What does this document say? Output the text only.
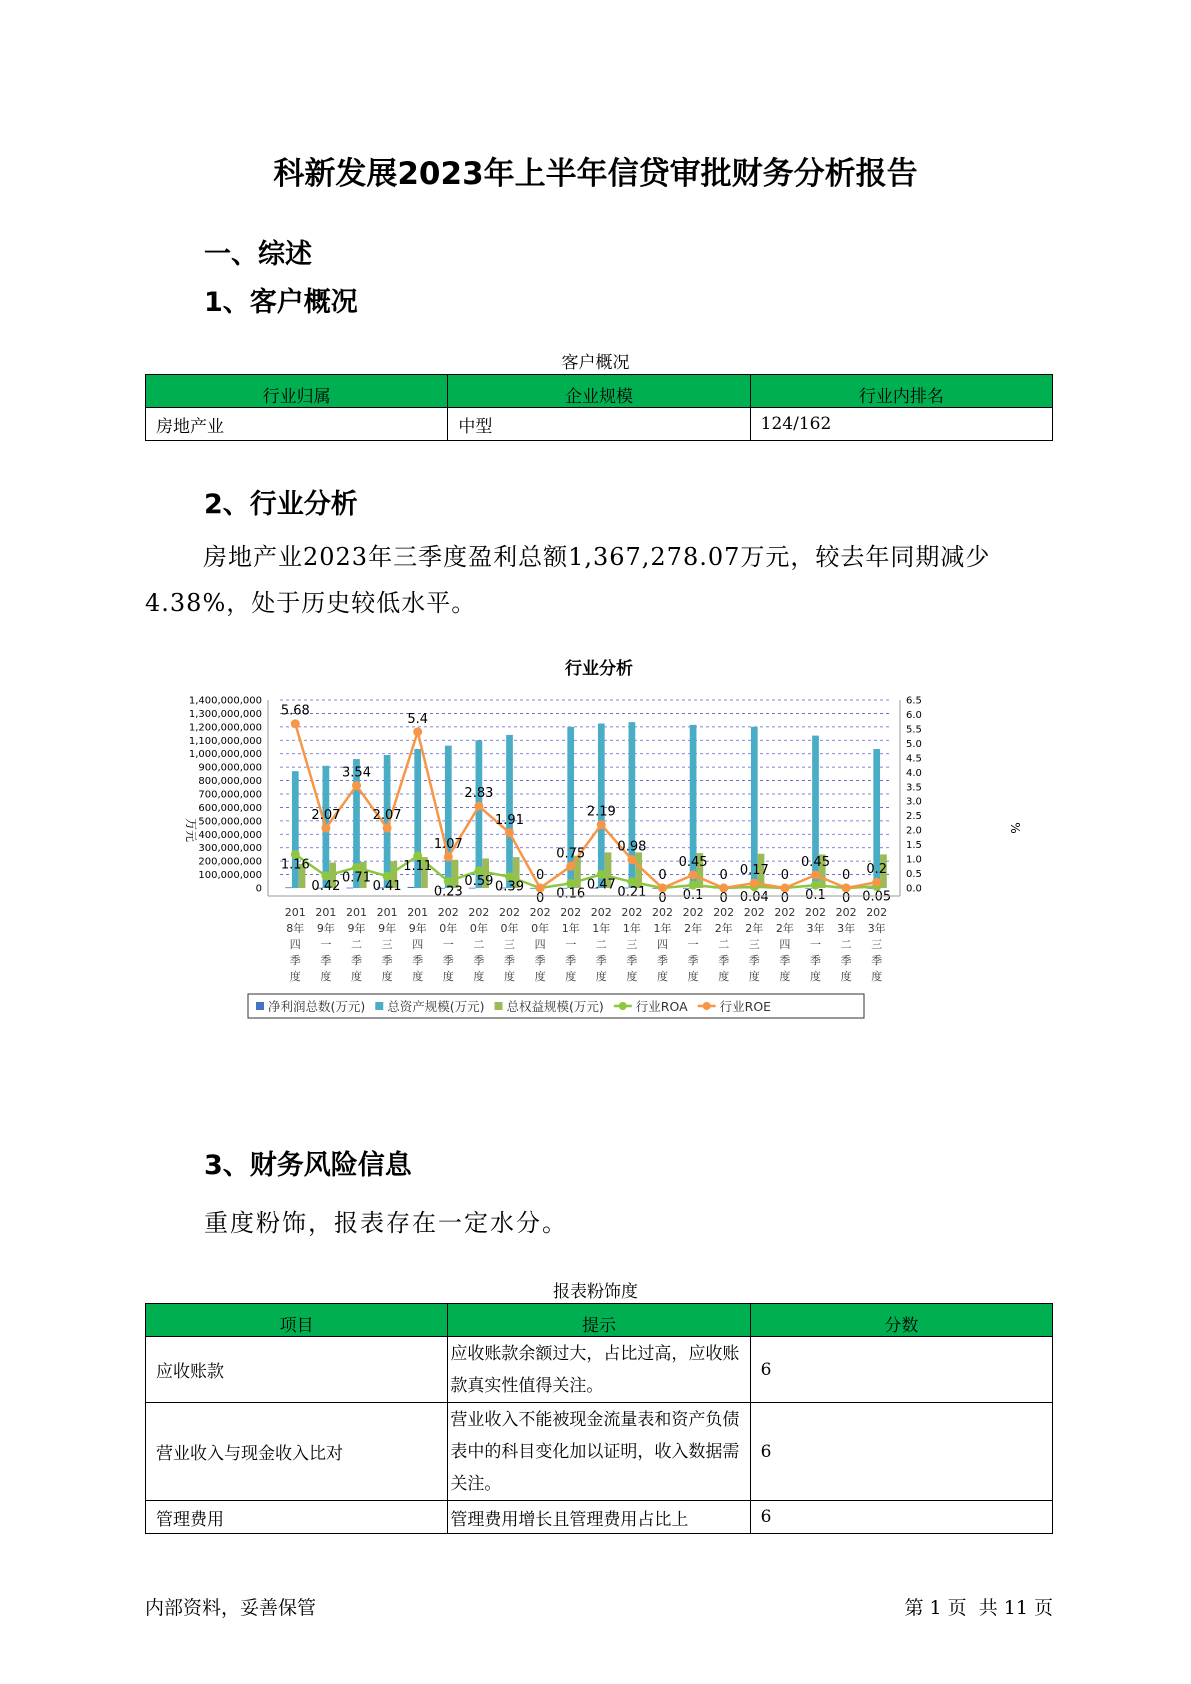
科新发展2023年上半年信贷审批财务分析报告
一、综述
1、客户概况
客户概况
行业归属	企业规模	行业内排名
房地产业	中型	124/162
2、行业分析
房地产业2023年三季度盈利总额1,367,278.07万元，较去年同期减少4.38%，处于历史较低水平。
行业分析
万元	%
1.16
0.42
0.71
0.41
1.11
0.23
0.59 0.39
0 0.16
0.47
0.21 0 0.1 0 0.04 0 0.1 0 0.05
5.68
2.07
3.54
2.07
5.4
1.07
2.83
1.91
0
0.75
2.19
0.98
0
0.45
0 0.17 0
0.45
0 0.2
0
100,000,000
200,000,000
300,000,000
400,000,000
500,000,000
600,000,000
700,000,000
800,000,000
900,000,000
1,000,000,000
1,100,000,000
1,200,000,000
1,300,000,000
1,400,000,000
0.0
0.5
1.0
1.5
2.0
2.5
3.0
3.5
4.0
4.5
5.0
5.5
6.0
6.5
201 8年四季度
201 9年一季度
201 9年二季度
201 9年三季度
201 9年四季度
202 0年一季度
202 0年二季度
202 0年三季度
202 0年四季度
202 1年一季度
202 1年二季度
202 1年三季度
202 1年四季度
202 2年一季度
202 2年二季度
202 2年三季度
202 2年四季度
202 3年一季度
202 3年二季度
202 3年三季度
净利润总数(万元) 总资产规模(万元) 总权益规模(万元)	行业ROA	行业ROE
3、财务风险信息
重度粉饰，报表存在一定水分。
报表粉饰度
项目	提示	分数
应收账款	应收账款余额过大，占比过高，应收账款真实性值得关注。	6
营业收入与现金收入比对	营业收入不能被现金流量表和资产负债表中的科目变化加以证明，收入数据需关注。	6
管理费用	管理费用增长且管理费用占比上	6
内部资料，妥善保管	第 1 页  共 11 页
